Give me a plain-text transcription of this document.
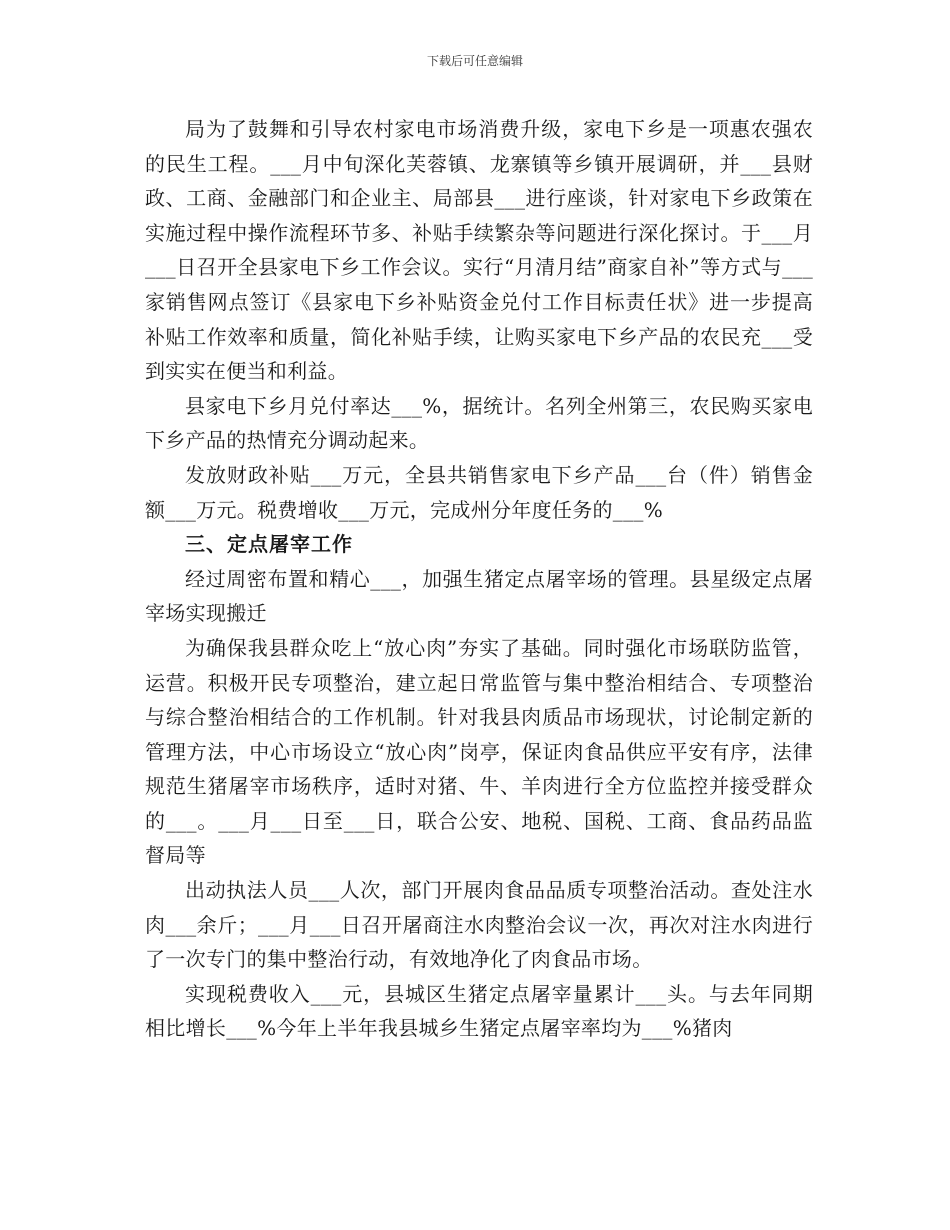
下载后可任意编辑

局为了鼓舞和引导农村家电市场消费升级，家电下乡是一项惠农强农的民生工程。___月中旬深化芙蓉镇、龙寨镇等乡镇开展调研，并___县财政、工商、金融部门和企业主、局部县___进行座谈，针对家电下乡政策在实施过程中操作流程环节多、补贴手续繁杂等问题进行深化探讨。于___月___日召开全县家电下乡工作会议。实行“月清月结”商家自补”等方式与___家销售网点签订《县家电下乡补贴资金兑付工作目标责任状》进一步提高补贴工作效率和质量，简化补贴手续，让购买家电下乡产品的农民充___受到实实在便当和利益。

县家电下乡月兑付率达___%，据统计。名列全州第三，农民购买家电下乡产品的热情充分调动起来。

发放财政补贴___万元，全县共销售家电下乡产品___台（件）销售金额___万元。税费增收___万元，完成州分年度任务的___%

三、定点屠宰工作

经过周密布置和精心___，加强生猪定点屠宰场的管理。县星级定点屠宰场实现搬迁

为确保我县群众吃上“放心肉”夯实了基础。同时强化市场联防监管，运营。积极开民专项整治，建立起日常监管与集中整治相结合、专项整治与综合整治相结合的工作机制。针对我县肉质品市场现状，讨论制定新的管理方法，中心市场设立“放心肉”岗亭，保证肉食品供应平安有序，法律规范生猪屠宰市场秩序，适时对猪、牛、羊肉进行全方位监控并接受群众的___。___月___日至___日，联合公安、地税、国税、工商、食品药品监督局等

出动执法人员___人次，部门开展肉食品品质专项整治活动。查处注水肉___余斤；___月___日召开屠商注水肉整治会议一次，再次对注水肉进行了一次专门的集中整治行动，有效地净化了肉食品市场。

实现税费收入___元，县城区生猪定点屠宰量累计___头。与去年同期相比增长___%今年上半年我县城乡生猪定点屠宰率均为___%猪肉
